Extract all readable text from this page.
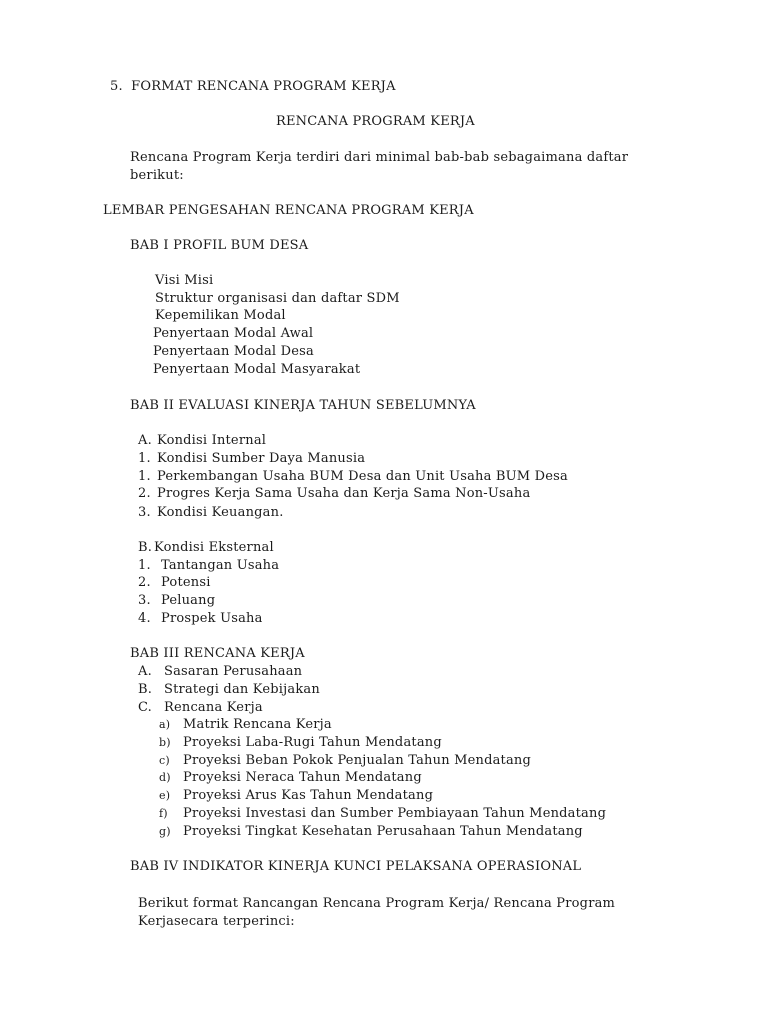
5. FORMAT RENCANA PROGRAM KERJA
RENCANA PROGRAM KERJA
Rencana Program Kerja terdiri dari minimal bab-bab sebagaimana daftar
berikut:
LEMBAR PENGESAHAN RENCANA PROGRAM KERJA
BAB I PROFIL BUM DESA
Visi Misi
Struktur organisasi dan daftar SDM
Kepemilikan Modal
Penyertaan Modal Awal
Penyertaan Modal Desa
Penyertaan Modal Masyarakat
BAB II EVALUASI KINERJA TAHUN SEBELUMNYA
A. Kondisi Internal
1. Kondisi Sumber Daya Manusia
1. Perkembangan Usaha BUM Desa dan Unit Usaha BUM Desa
2. Progres Kerja Sama Usaha dan Kerja Sama Non-Usaha
3. Kondisi Keuangan.
B. Kondisi Eksternal
1. Tantangan Usaha
2. Potensi
3. Peluang
4. Prospek Usaha
BAB III RENCANA KERJA
A. Sasaran Perusahaan
B. Strategi dan Kebijakan
C. Rencana Kerja
a) Matrik Rencana Kerja
b) Proyeksi Laba-Rugi Tahun Mendatang
c) Proyeksi Beban Pokok Penjualan Tahun Mendatang
d) Proyeksi Neraca Tahun Mendatang
e) Proyeksi Arus Kas Tahun Mendatang
f) Proyeksi Investasi dan Sumber Pembiayaan Tahun Mendatang
g) Proyeksi Tingkat Kesehatan Perusahaan Tahun Mendatang
BAB IV INDIKATOR KINERJA KUNCI PELAKSANA OPERASIONAL
Berikut format Rancangan Rencana Program Kerja/ Rencana Program
Kerjasecara terperinci:
